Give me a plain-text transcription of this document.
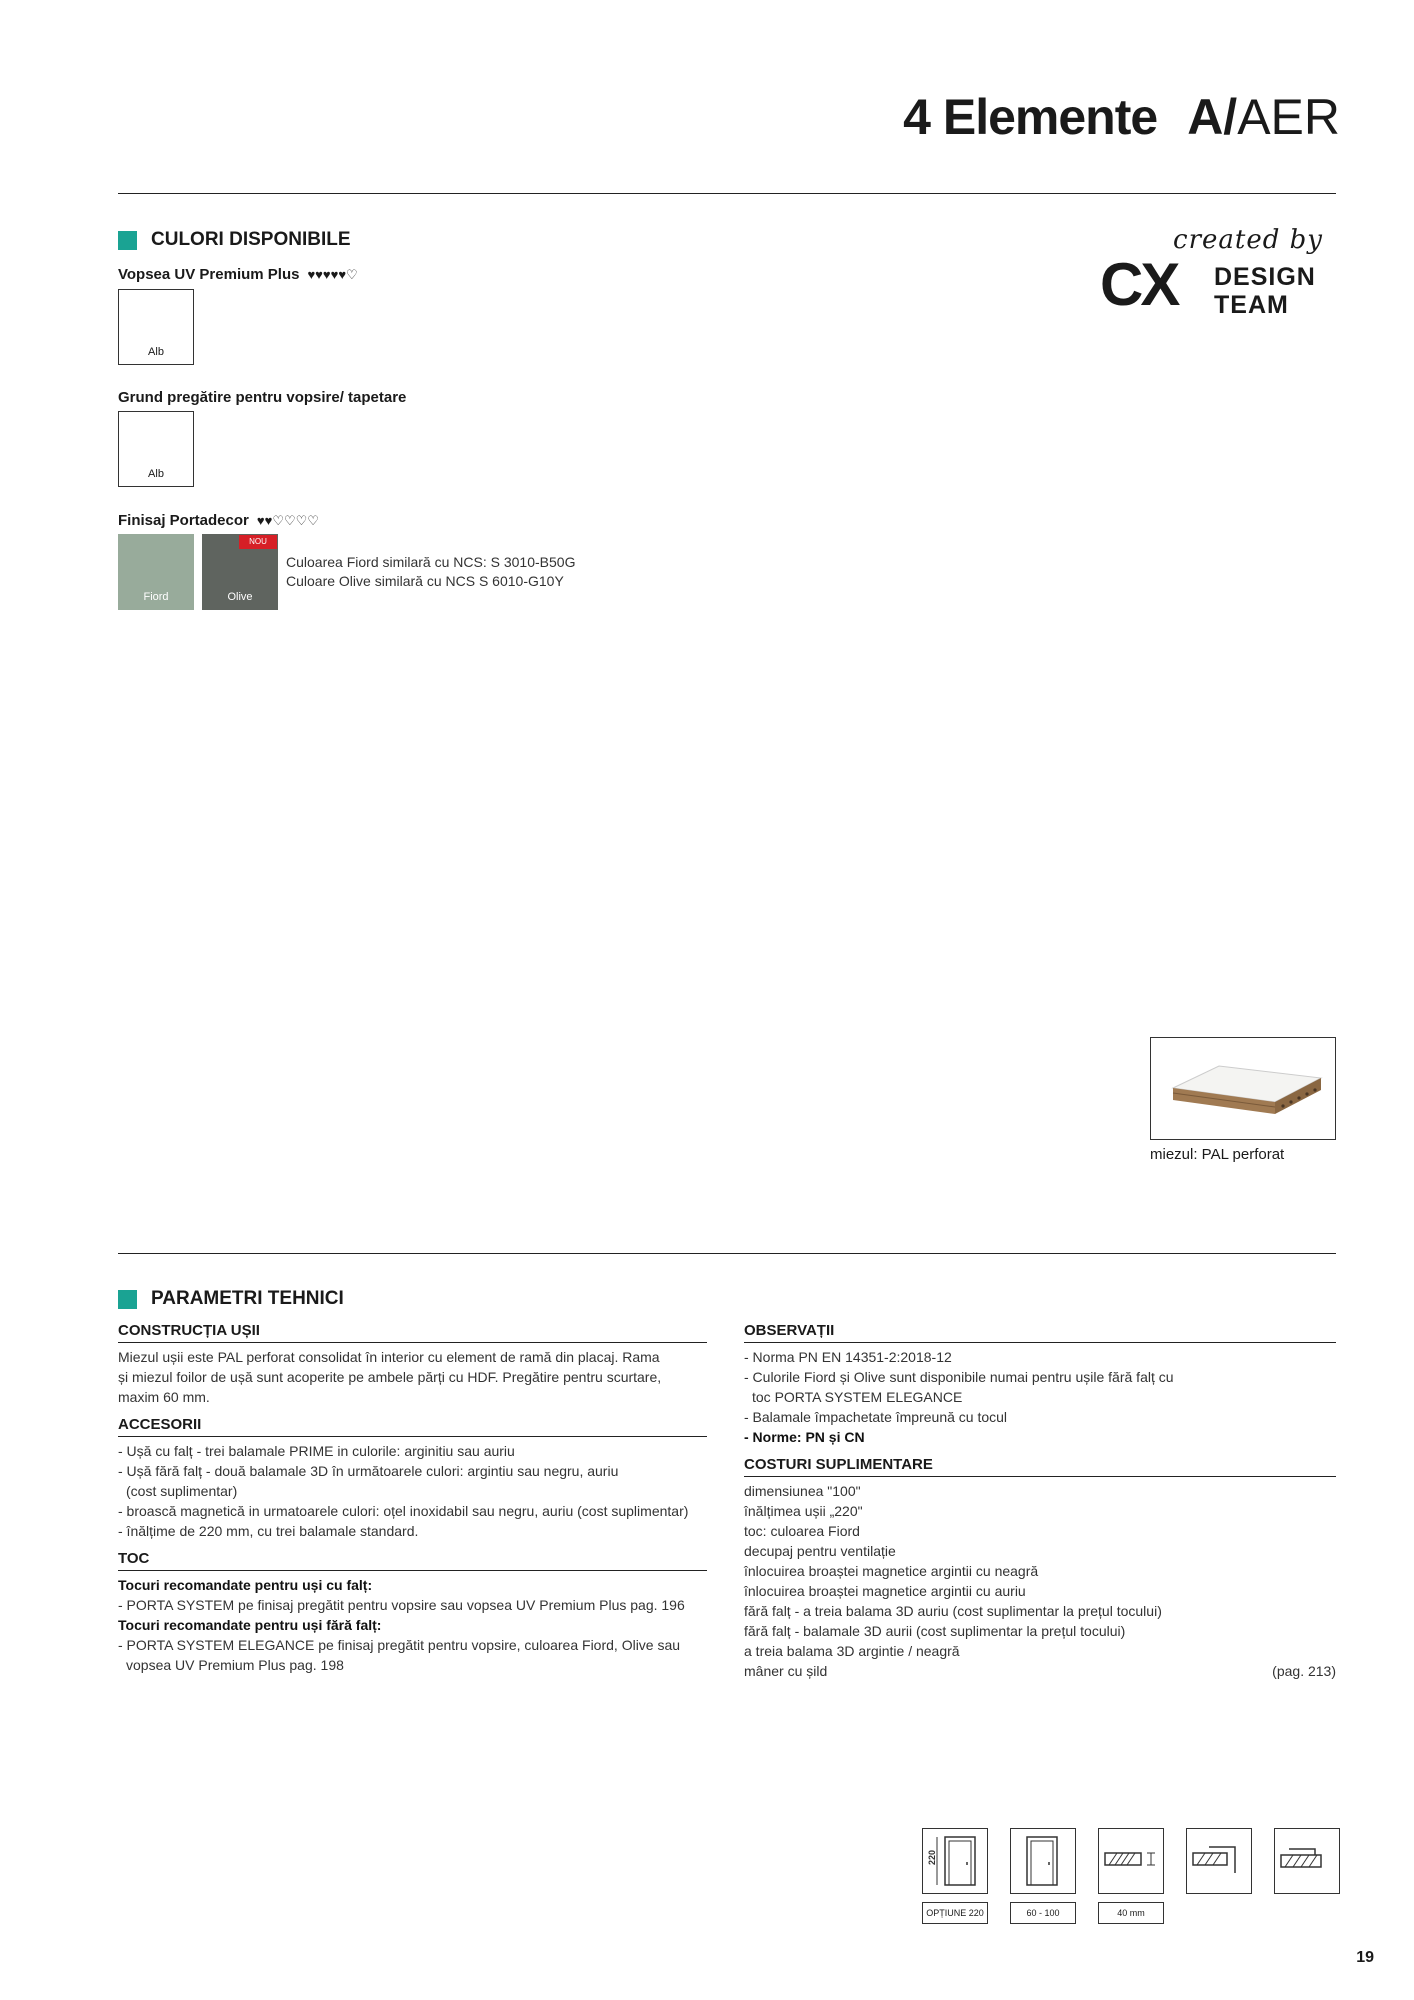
4 Elemente A/AER
created by
CX DESIGN
TEAM
CULORI DISPONIBILE
Vopsea UV Premium Plus ♥♥♥♥♥♡
Alb
Grund pregătire pentru vopsire/ tapetare
Alb
Finisaj Portadecor ♥♥♡♡♡♡
Fiord
NOU
Olive
Culoarea Fiord similară cu NCS: S 3010-B50G
Culoare Olive similară cu NCS S 6010-G10Y
miezul: PAL perforat
PARAMETRI TEHNICI
CONSTRUCȚIA UȘII
Miezul ușii este PAL perforat consolidat în interior cu element de ramă din placaj. Rama
și miezul foilor de ușă sunt acoperite pe ambele părți cu HDF. Pregătire pentru scurtare,
maxim 60 mm.
ACCESORII
- Ușă cu falț - trei balamale PRIME in culorile: arginitiu sau auriu
- Ușă fără falț - două balamale 3D în următoarele culori: argintiu sau negru, auriu
(cost suplimentar)
- broască magnetică in urmatoarele culori: oțel inoxidabil sau negru, auriu (cost suplimentar)
- înălțime de 220 mm, cu trei balamale standard.
TOC
Tocuri recomandate pentru uși cu falț:
- PORTA SYSTEM pe finisaj pregătit pentru vopsire sau vopsea UV Premium Plus pag. 196
Tocuri recomandate pentru uși fără falț:
- PORTA SYSTEM ELEGANCE pe finisaj pregătit pentru vopsire, culoarea Fiord, Olive sau
vopsea UV Premium Plus pag. 198
OBSERVAȚII
- Norma PN EN 14351-2:2018-12
- Culorile Fiord și Olive sunt disponibile numai pentru ușile fără falț cu
toc PORTA SYSTEM ELEGANCE
- Balamale împachetate împreună cu tocul
- Norme: PN și CN
COSTURI SUPLIMENTARE
dimensiunea "100"
înălțimea ușii „220"
toc: culoarea Fiord
decupaj pentru ventilație
înlocuirea broaștei magnetice argintii cu neagră
înlocuirea broaștei magnetice argintii cu auriu
fără falț - a treia balama 3D auriu (cost suplimentar la prețul tocului)
fără falț - balamale 3D aurii (cost suplimentar la prețul tocului)
a treia balama 3D argintie / neagră
mâner cu șild	(pag. 213)
220
OPȚIUNE 220	60 - 100	40 mm
19
